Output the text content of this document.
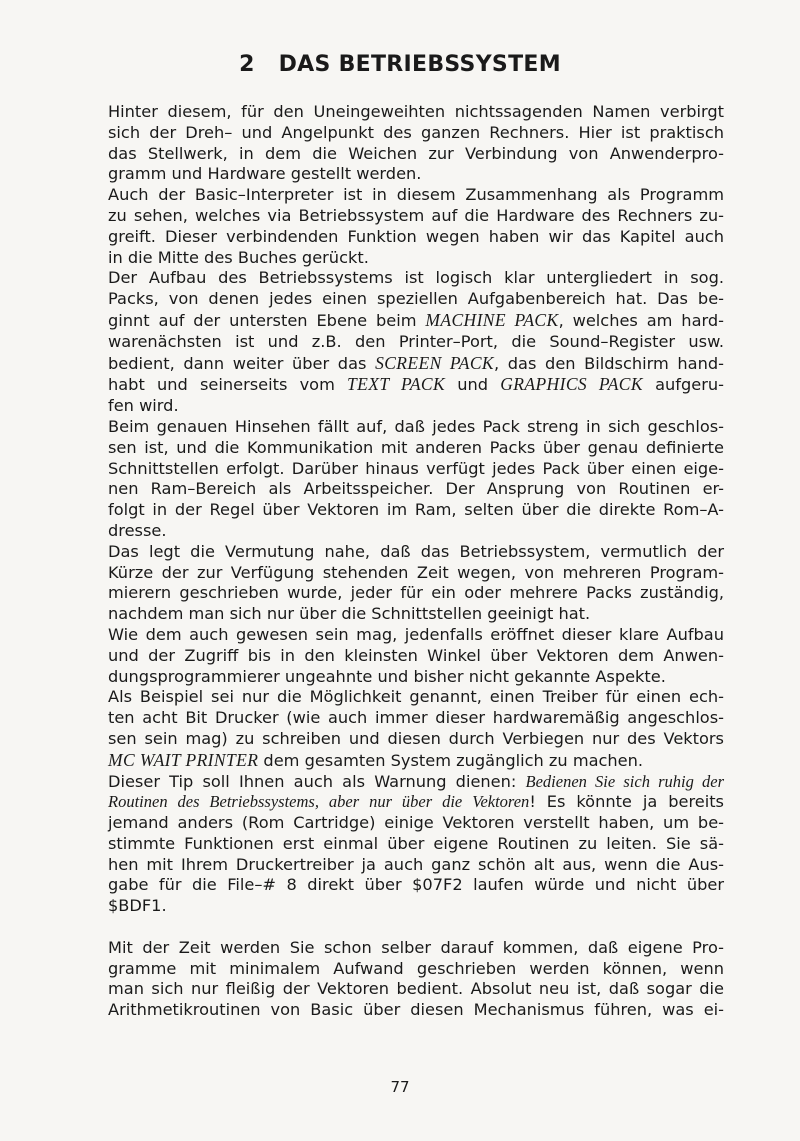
2 DAS BETRIEBSSYSTEM
Hinter diesem, für den Uneingeweihten nichtssagenden Namen verbirgt
sich der Dreh– und Angelpunkt des ganzen Rechners. Hier ist praktisch
das Stellwerk, in dem die Weichen zur Verbindung von Anwenderpro-
gramm und Hardware gestellt werden.
Auch der Basic–Interpreter ist in diesem Zusammenhang als Programm
zu sehen, welches via Betriebssystem auf die Hardware des Rechners zu-
greift. Dieser verbindenden Funktion wegen haben wir das Kapitel auch
in die Mitte des Buches gerückt.
Der Aufbau des Betriebssystems ist logisch klar untergliedert in sog.
Packs, von denen jedes einen speziellen Aufgabenbereich hat. Das be-
ginnt auf der untersten Ebene beim MACHINE PACK, welches am hard-
warenächsten ist und z.B. den Printer–Port, die Sound–Register usw.
bedient, dann weiter über das SCREEN PACK, das den Bildschirm hand-
habt und seinerseits vom TEXT PACK und GRAPHICS PACK aufgeru-
fen wird.
Beim genauen Hinsehen fällt auf, daß jedes Pack streng in sich geschlos-
sen ist, und die Kommunikation mit anderen Packs über genau definierte
Schnittstellen erfolgt. Darüber hinaus verfügt jedes Pack über einen eige-
nen Ram–Bereich als Arbeitsspeicher. Der Ansprung von Routinen er-
folgt in der Regel über Vektoren im Ram, selten über die direkte Rom–A-
dresse.
Das legt die Vermutung nahe, daß das Betriebssystem, vermutlich der
Kürze der zur Verfügung stehenden Zeit wegen, von mehreren Program-
mierern geschrieben wurde, jeder für ein oder mehrere Packs zuständig,
nachdem man sich nur über die Schnittstellen geeinigt hat.
Wie dem auch gewesen sein mag, jedenfalls eröffnet dieser klare Aufbau
und der Zugriff bis in den kleinsten Winkel über Vektoren dem Anwen-
dungsprogrammierer ungeahnte und bisher nicht gekannte Aspekte.
Als Beispiel sei nur die Möglichkeit genannt, einen Treiber für einen ech-
ten acht Bit Drucker (wie auch immer dieser hardwaremäßig angeschlos-
sen sein mag) zu schreiben und diesen durch Verbiegen nur des Vektors
MC WAIT PRINTER dem gesamten System zugänglich zu machen.
Dieser Tip soll Ihnen auch als Warnung dienen: Bedienen Sie sich ruhig der
Routinen des Betriebssystems, aber nur über die Vektoren! Es könnte ja bereits
jemand anders (Rom Cartridge) einige Vektoren verstellt haben, um be-
stimmte Funktionen erst einmal über eigene Routinen zu leiten. Sie sä-
hen mit Ihrem Druckertreiber ja auch ganz schön alt aus, wenn die Aus-
gabe für die File–# 8 direkt über $07F2 laufen würde und nicht über
$BDF1.
Mit der Zeit werden Sie schon selber darauf kommen, daß eigene Pro-
gramme mit minimalem Aufwand geschrieben werden können, wenn
man sich nur fleißig der Vektoren bedient. Absolut neu ist, daß sogar die
Arithmetikroutinen von Basic über diesen Mechanismus führen, was ei-
77
